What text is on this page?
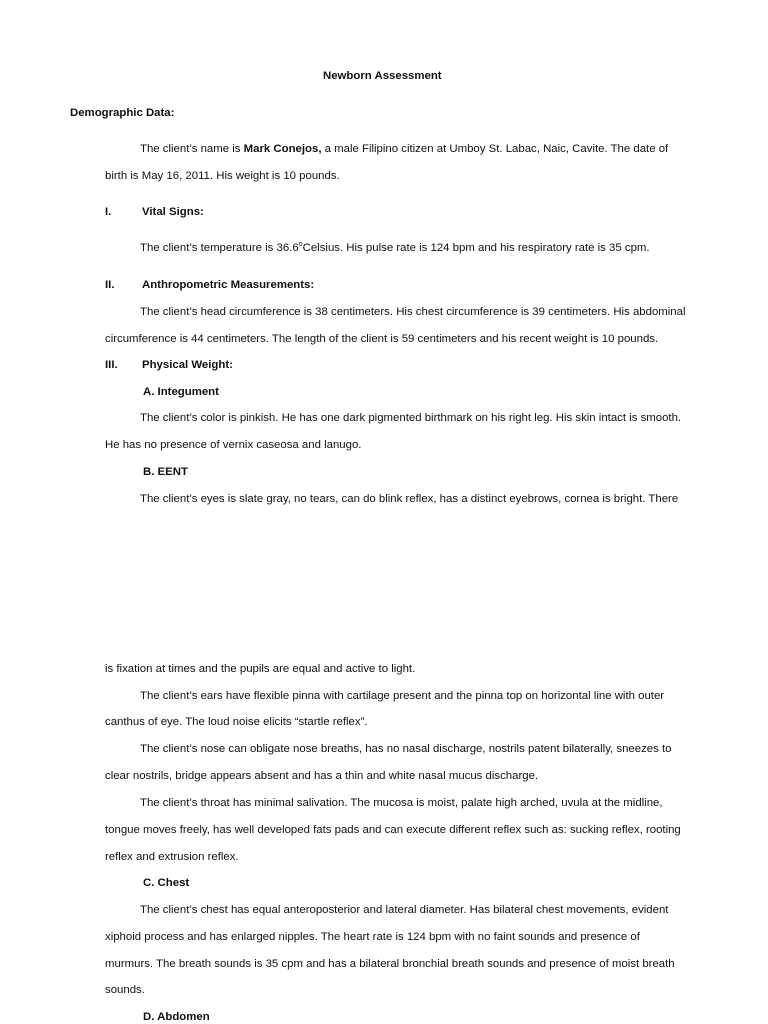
Newborn Assessment
Demographic Data:
The client’s name is Mark Conejos, a male Filipino citizen at Umboy St. Labac, Naic, Cavite. The date of
birth is May 16, 2011. His weight is 10 pounds.
I.	Vital Signs:
The client’s temperature is 36.6$^o$Celsius. His pulse rate is 124 bpm and his respiratory rate is 35 cpm.
II. Anthropometric Measurements:
The client’s head circumference is 38 centimeters. His chest circumference is 39 centimeters. His abdominal
circumference is 44 centimeters. The length of the client is 59 centimeters and his recent weight is 10 pounds.
III. Physical Weight:
A. Integument
The client’s color is pinkish. He has one dark pigmented birthmark on his right leg. His skin intact is smooth.
He has no presence of vernix caseosa and lanugo.
B. EENT
The client’s eyes is slate gray, no tears, can do blink reflex, has a distinct eyebrows, cornea is bright. There
is fixation at times and the pupils are equal and active to light.
The client’s ears have flexible pinna with cartilage present and the pinna top on horizontal line with outer
canthus of eye. The loud noise elicits “startle reflex”.
The client’s nose can obligate nose breaths, has no nasal discharge, nostrils patent bilaterally, sneezes to
clear nostrils, bridge appears absent and has a thin and white nasal mucus discharge.
The client’s throat has minimal salivation. The mucosa is moist, palate high arched, uvula at the midline,
tongue moves freely, has well developed fats pads and can execute different reflex such as: sucking reflex, rooting
reflex and extrusion reflex.
C. Chest
The client’s chest has equal anteroposterior and lateral diameter. Has bilateral chest movements, evident
xiphoid process and has enlarged nipples. The heart rate is 124 bpm with no faint sounds and presence of
murmurs. The breath sounds is 35 cpm and has a bilateral bronchial breath sounds and presence of moist breath
sounds.
D. Abdomen
